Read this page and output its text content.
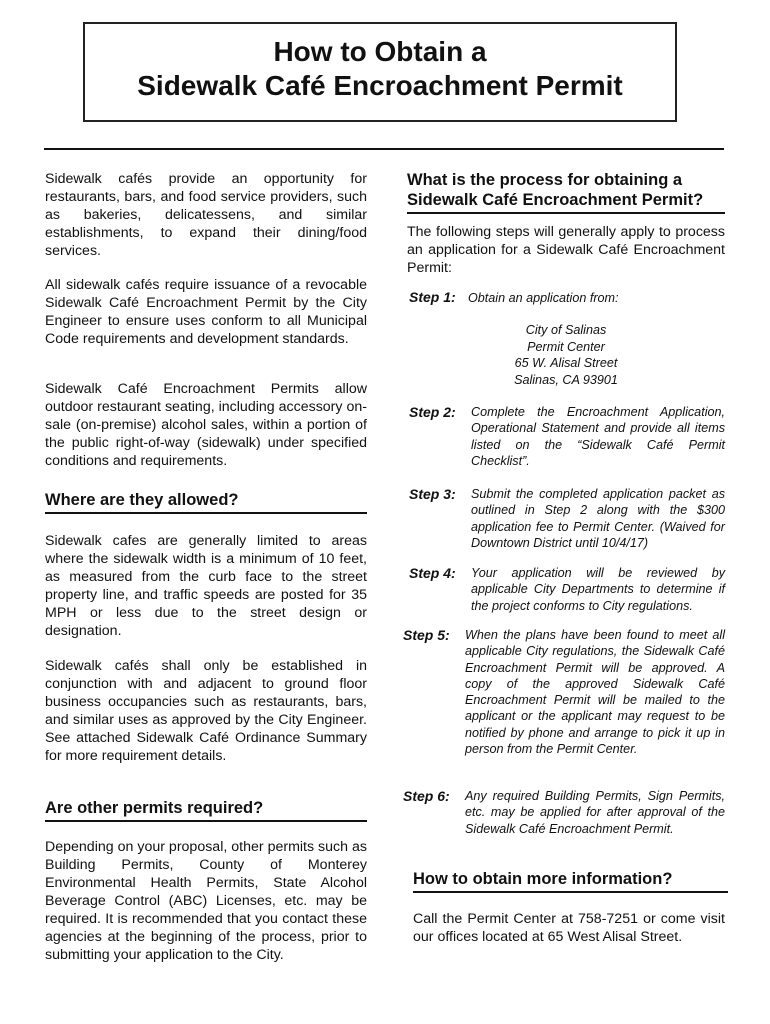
How to Obtain a
Sidewalk Café Encroachment Permit

Sidewalk cafés provide an opportunity for restaurants, bars, and food service providers, such as bakeries, delicatessens, and similar establishments, to expand their dining/food services.

All sidewalk cafés require issuance of a revocable Sidewalk Café Encroachment Permit by the City Engineer to ensure uses conform to all Municipal Code requirements and development standards.

Sidewalk Café Encroachment Permits allow outdoor restaurant seating, including accessory on-sale (on-premise) alcohol sales, within a portion of the public right-of-way (sidewalk) under specified conditions and requirements.

Where are they allowed?

Sidewalk cafes are generally limited to areas where the sidewalk width is a minimum of 10 feet, as measured from the curb face to the street property line, and traffic speeds are posted for 35 MPH or less due to the street design or designation.

Sidewalk cafés shall only be established in conjunction with and adjacent to ground floor business occupancies such as restaurants, bars, and similar uses as approved by the City Engineer. See attached Sidewalk Café Ordinance Summary for more requirement details.

Are other permits required?

Depending on your proposal, other permits such as Building Permits, County of Monterey Environmental Health Permits, State Alcohol Beverage Control (ABC) Licenses, etc. may be required. It is recommended that you contact these agencies at the beginning of the process, prior to submitting your application to the City.

What is the process for obtaining a
Sidewalk Café Encroachment Permit?

The following steps will generally apply to process an application for a Sidewalk Café Encroachment Permit:

Step 1: Obtain an application from:
City of Salinas
Permit Center
65 W. Alisal Street
Salinas, CA 93901
Step 2: Complete the Encroachment Application, Operational Statement and provide all items listed on the “Sidewalk Café Permit Checklist”.
Step 3: Submit the completed application packet as outlined in Step 2 along with the $300 application fee to Permit Center. (Waived for Downtown District until 10/4/17)
Step 4: Your application will be reviewed by applicable City Departments to determine if the project conforms to City regulations.
Step 5: When the plans have been found to meet all applicable City regulations, the Sidewalk Café Encroachment Permit will be approved. A copy of the approved Sidewalk Café Encroachment Permit will be mailed to the applicant or the applicant may request to be notified by phone and arrange to pick it up in person from the Permit Center.
Step 6: Any required Building Permits, Sign Permits, etc. may be applied for after approval of the Sidewalk Café Encroachment Permit.
How to obtain more information?

Call the Permit Center at 758-7251 or come visit our offices located at 65 West Alisal Street.
